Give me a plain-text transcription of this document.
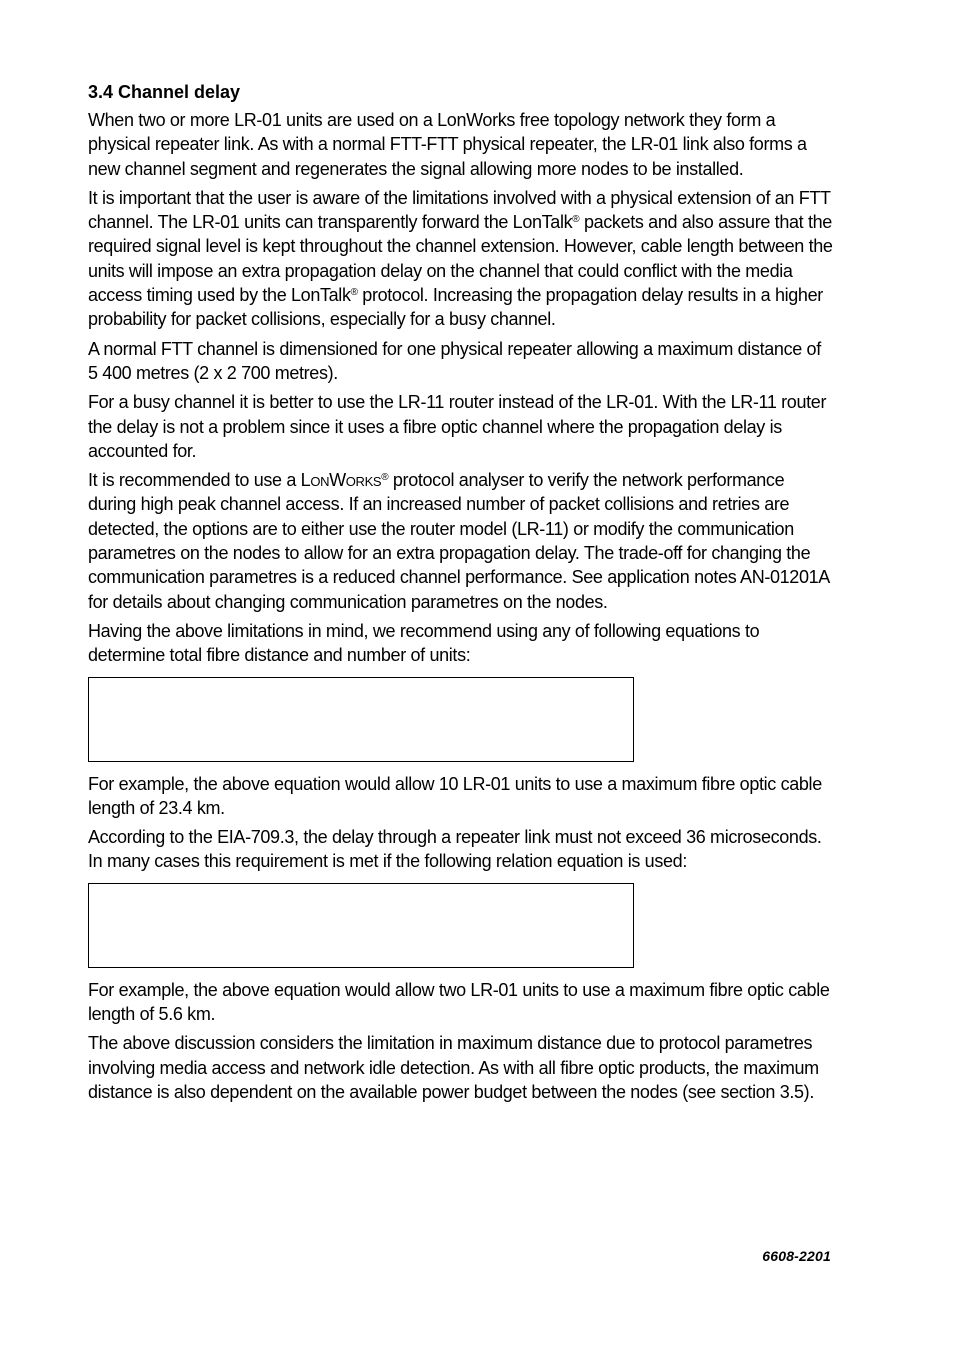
3.4 Channel delay

When two or more LR-01 units are used on a LonWorks free topology network they form a physical repeater link. As with a normal FTT-FTT physical repeater, the LR-01 link also forms a new channel segment and regenerates the signal allowing more nodes to be installed.

It is important that the user is aware of the limitations involved with a physical extension of an FTT channel. The LR-01 units can transparently forward the LonTalk® packets and also assure that the required signal level is kept throughout the channel extension. However, cable length between the units will impose an extra propagation delay on the channel that could conflict with the media access timing used by the LonTalk® protocol. Increasing the propagation delay results in a higher probability for packet collisions, especially for a busy channel.

A normal FTT channel is dimensioned for one physical repeater allowing a maximum distance of 5 400 metres (2 x 2 700 metres).

For a busy channel it is better to use the LR-11 router instead of the LR-01. With the LR-11 router the delay is not a problem since it uses a fibre optic channel where the propagation delay is accounted for.

It is recommended to use a LonWorks® protocol analyser to verify the network performance during high peak channel access. If an increased number of packet collisions and retries are detected, the options are to either use the router model (LR-11) or modify the communication parametres on the nodes to allow for an extra propagation delay. The trade-off for changing the communication parametres is a reduced channel performance. See application notes AN-01201A for details about changing communication parametres on the nodes.

Having the above limitations in mind, we recommend using any of following equations to determine total fibre distance and number of units:

For example, the above equation would allow 10 LR-01 units to use a maximum fibre optic cable length of 23.4 km.

According to the EIA-709.3, the delay through a repeater link must not exceed 36 microseconds. In many cases this requirement is met if the following relation equation is used:

For example, the above equation would allow two LR-01 units to use a maximum fibre optic cable length of 5.6 km.

The above discussion considers the limitation in maximum distance due to protocol parametres involving media access and network idle detection. As with all fibre optic products, the maximum distance is also dependent on the available power budget between the nodes (see section 3.5).

6608-2201
